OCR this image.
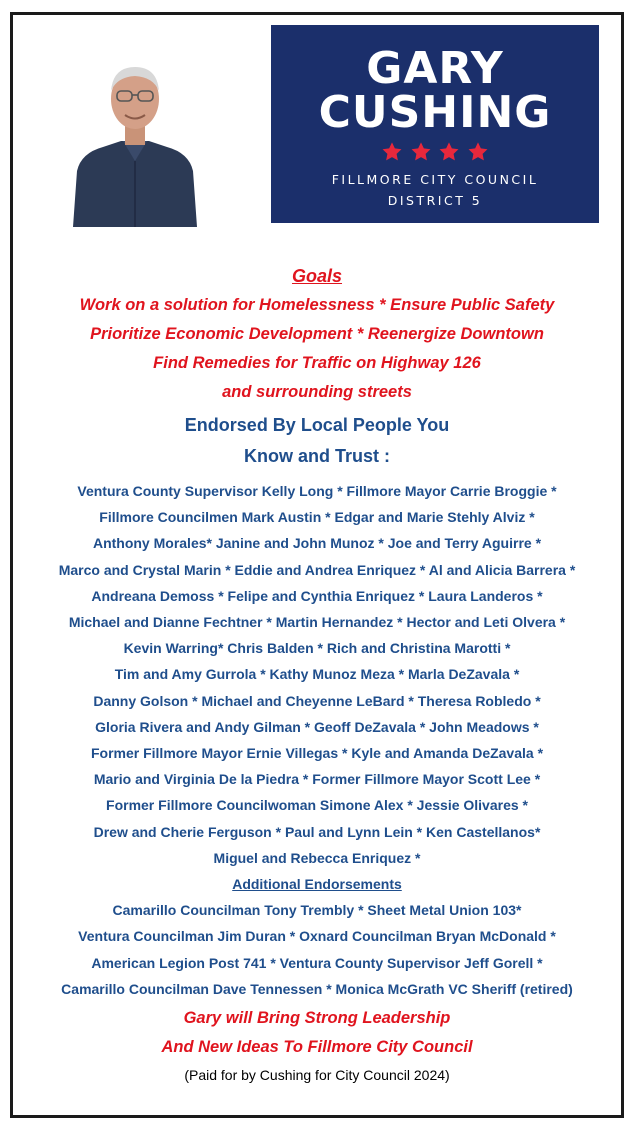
GARY
CUSHING

FILLMORE CITY COUNCIL
DISTRICT 5

Goals

Work on a solution for Homelessness * Ensure Public Safety

Prioritize Economic Development * Reenergize Downtown

Find Remedies for Traffic on Highway 126

and surrounding streets

Endorsed By Local People You

Know and Trust :

Ventura County Supervisor Kelly Long * Fillmore Mayor Carrie Broggie *

Fillmore Councilmen Mark Austin * Edgar and Marie Stehly Alviz *

Anthony Morales* Janine and John Munoz * Joe and Terry Aguirre *

Marco and Crystal Marin * Eddie and Andrea Enriquez * Al and Alicia Barrera *

Andreana Demoss * Felipe and Cynthia Enriquez * Laura Landeros *

Michael and Dianne Fechtner * Martin Hernandez * Hector and Leti Olvera *

Kevin Warring* Chris Balden * Rich and Christina Marotti *

Tim and Amy Gurrola * Kathy Munoz Meza * Marla DeZavala *

Danny Golson * Michael and Cheyenne LeBard * Theresa Robledo *

Gloria Rivera and Andy Gilman * Geoff DeZavala * John Meadows *

Former Fillmore Mayor Ernie Villegas * Kyle and Amanda DeZavala *

Mario and Virginia De la Piedra * Former Fillmore Mayor Scott Lee *

Former Fillmore Councilwoman Simone Alex * Jessie Olivares *

Drew and Cherie Ferguson * Paul and Lynn Lein * Ken Castellanos*

Miguel and Rebecca Enriquez *

Additional Endorsements

Camarillo Councilman Tony Trembly * Sheet Metal Union 103*

Ventura Councilman Jim Duran * Oxnard Councilman Bryan McDonald *

American Legion Post 741 * Ventura County Supervisor Jeff Gorell *

Camarillo Councilman Dave Tennessen * Monica McGrath VC Sheriff (retired)

Gary will Bring Strong Leadership

And New Ideas To Fillmore City Council

(Paid for by Cushing for City Council 2024)
